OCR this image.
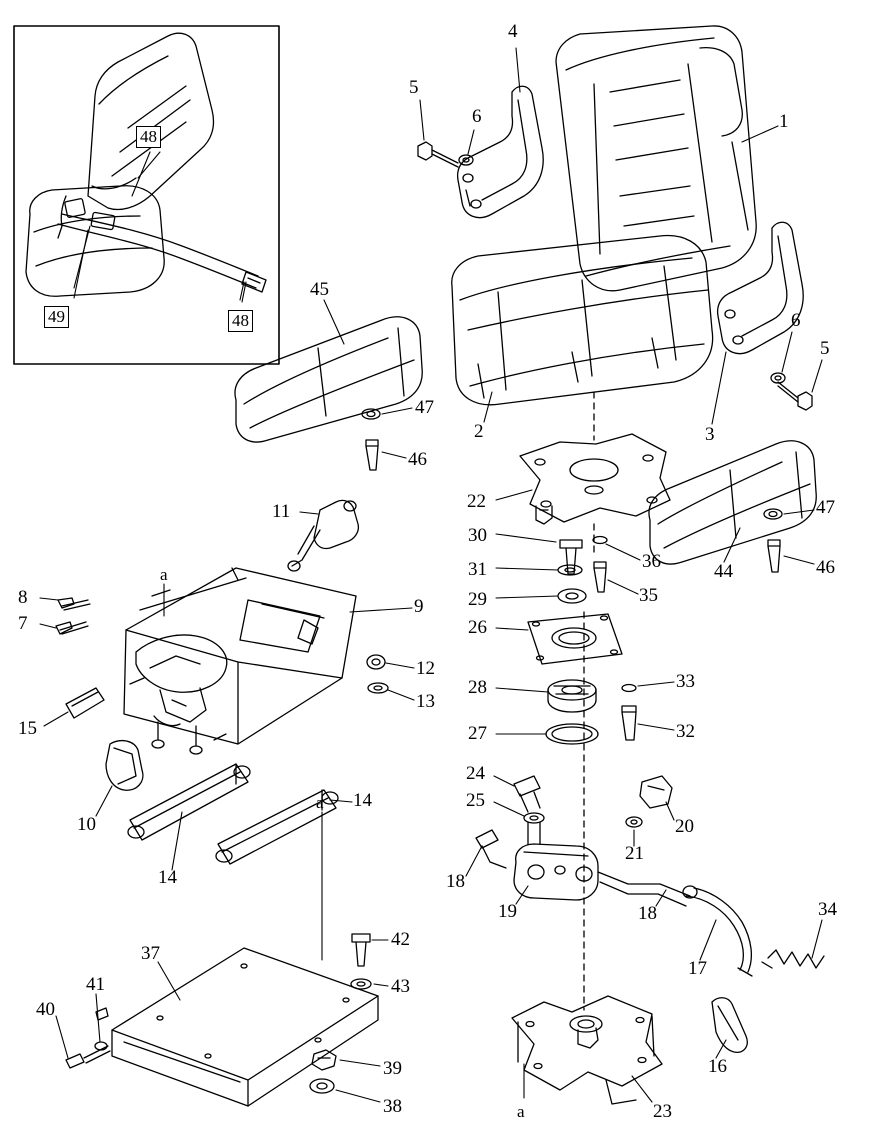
48
49	48
a
a
a
4
5
6	1
6
5
45
2	3
47
46
22
30
36
31
35
29
26
47
46
44
28	33
27	32
11
8	9
7
12
13
15
10
14
14
24
25
20
21
18
19	18
17
34
16
23
42
43
37
41
40
39
38
